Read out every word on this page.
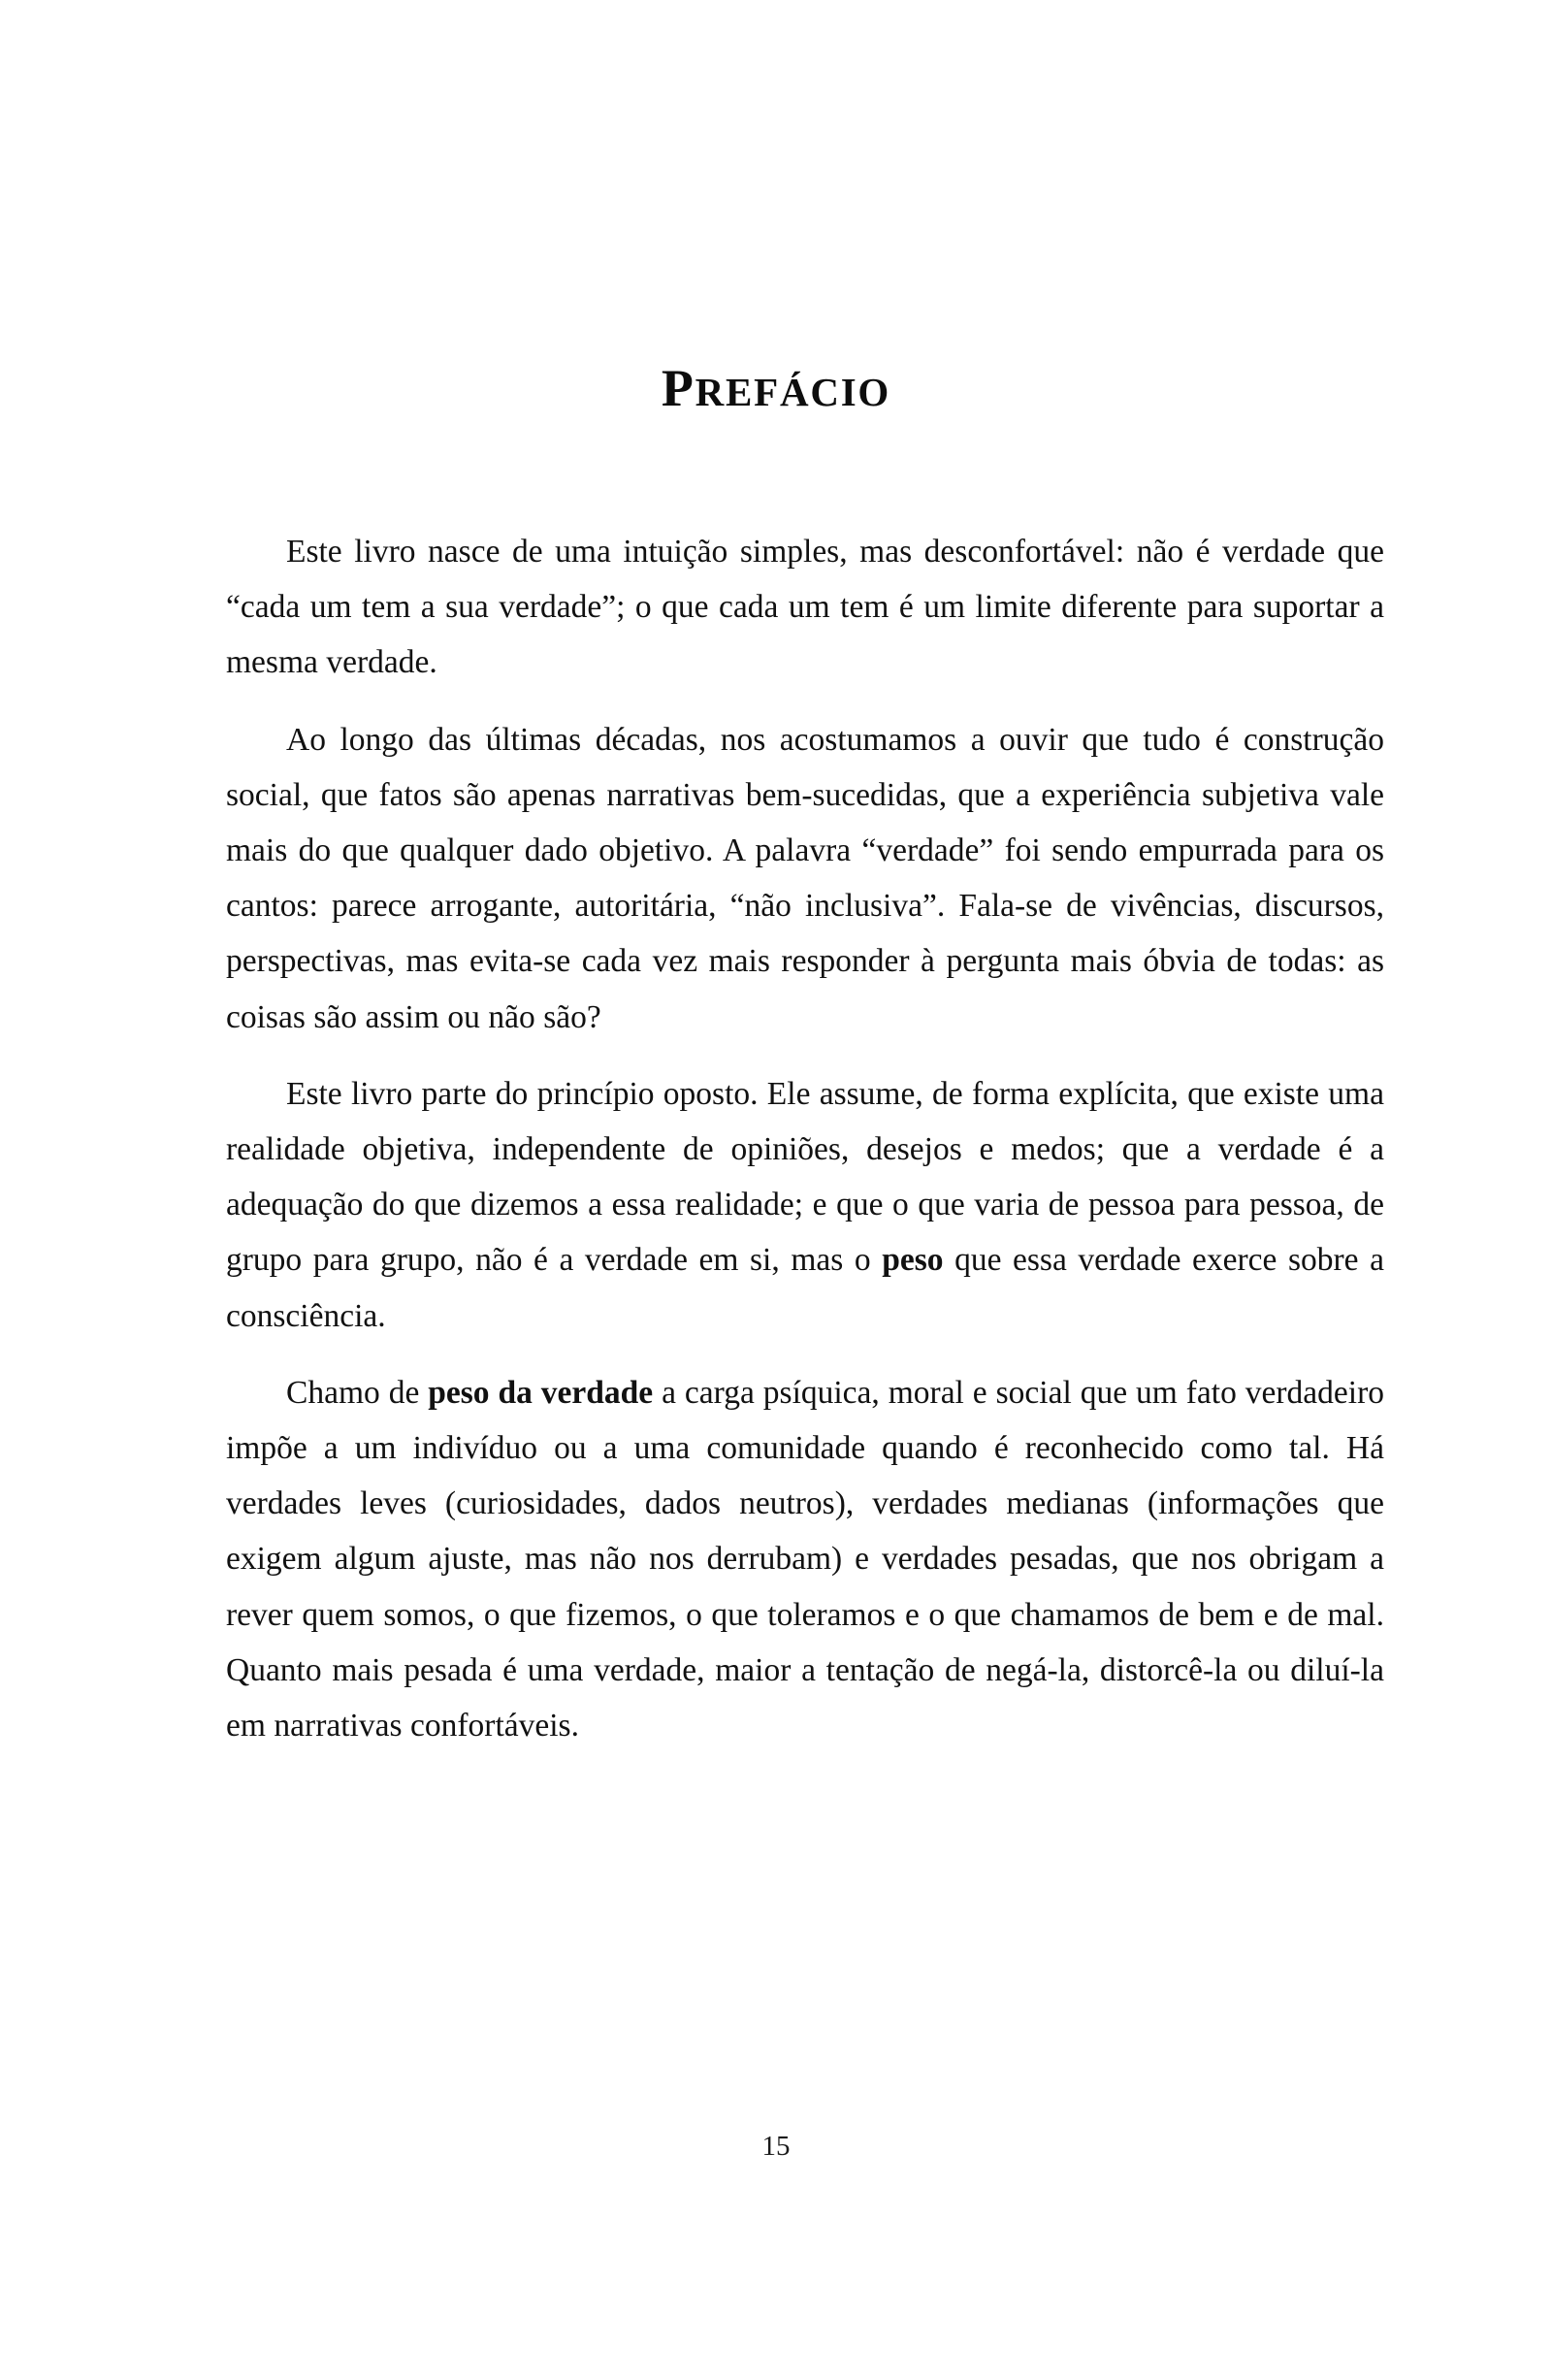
PREFÁCIO

Este livro nasce de uma intuição simples, mas desconfortável: não é verdade que “cada um tem a sua verdade”; o que cada um tem é um limite diferente para suportar a mesma verdade.

Ao longo das últimas décadas, nos acostumamos a ouvir que tudo é construção social, que fatos são apenas narrativas bem-sucedidas, que a experiência subjetiva vale mais do que qualquer dado objetivo. A palavra “verdade” foi sendo empurrada para os cantos: parece arrogante, autoritária, “não inclusiva”. Fala-se de vivências, discursos, perspectivas, mas evita-se cada vez mais responder à pergunta mais óbvia de todas: as coisas são assim ou não são?

Este livro parte do princípio oposto. Ele assume, de forma explícita, que existe uma realidade objetiva, independente de opiniões, desejos e medos; que a verdade é a adequação do que dizemos a essa realidade; e que o que varia de pessoa para pessoa, de grupo para grupo, não é a verdade em si, mas o peso que essa verdade exerce sobre a consciência.

Chamo de peso da verdade a carga psíquica, moral e social que um fato verdadeiro impõe a um indivíduo ou a uma comunidade quando é reconhecido como tal. Há verdades leves (curiosidades, dados neutros), verdades medianas (informações que exigem algum ajuste, mas não nos derrubam) e verdades pesadas, que nos obrigam a rever quem somos, o que fizemos, o que toleramos e o que chamamos de bem e de mal. Quanto mais pesada é uma verdade, maior a tentação de negá-la, distorcê-la ou diluí-la em narrativas confortáveis.

15
